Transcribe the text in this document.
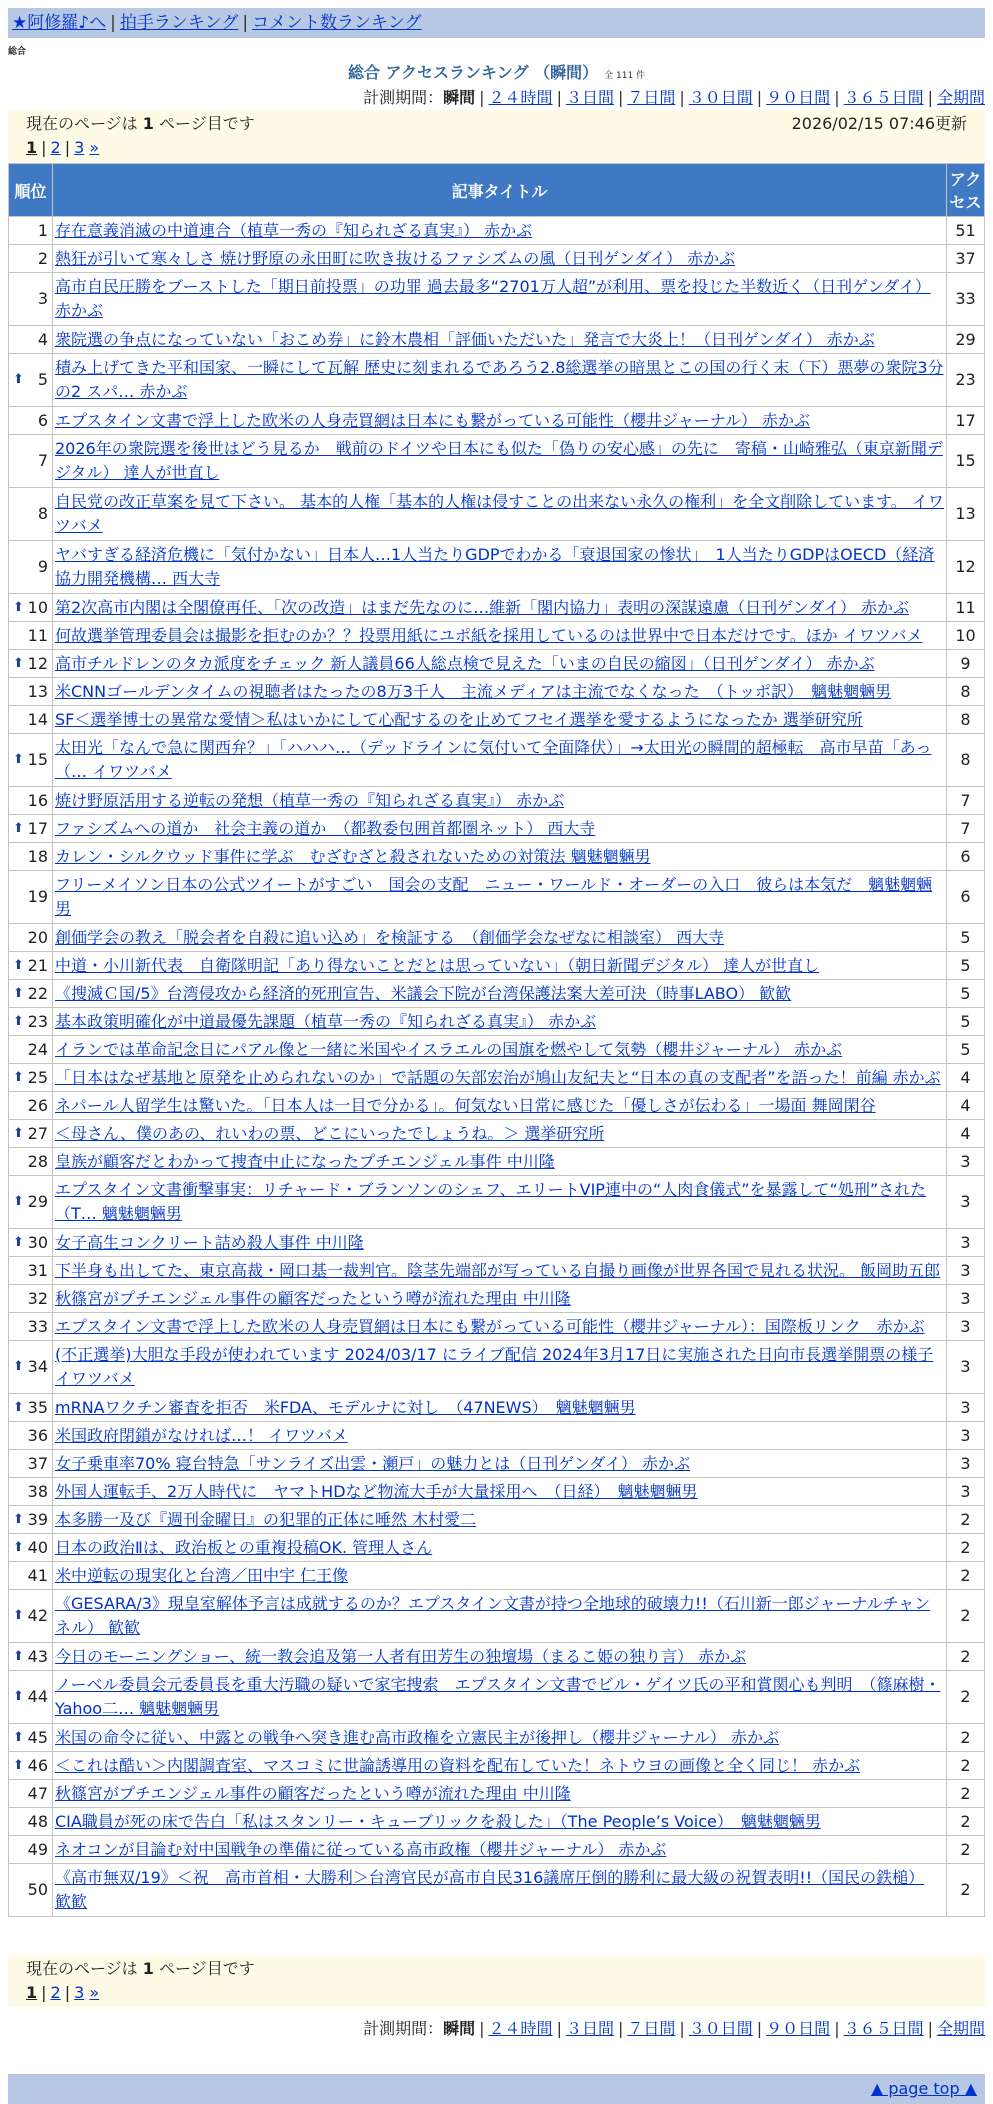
★阿修羅♪へ | 拍手ランキング | コメント数ランキング
総合
総合 アクセスランキング （瞬間） 全 111 件
計測期間：瞬間 | ２４時間 | ３日間 | ７日間 | ３０日間 | ９０日間 | ３６５日間 | 全期間
現在のページは 1 ページ目です	2026/02/15 07:46更新
1 | 2 | 3 »
順位	記事タイトル	アクセス
1	存在意義消滅の中道連合（植草一秀の『知られざる真実』） 赤かぶ	51
2	熱狂が引いて寒々しさ 焼け野原の永田町に吹き抜けるファシズムの風（日刊ゲンダイ） 赤かぶ	37
3	高市自民圧勝をブーストした「期日前投票」の功罪 過去最多“2701万人超”が利用、票を投じた半数近く（日刊ゲンダイ） 赤かぶ	33
4	衆院選の争点になっていない「おこめ券」に鈴木農相「評価いただいた」発言で大炎上！（日刊ゲンダイ） 赤かぶ	29

⬆ 5	積み上げてきた平和国家、一瞬にして瓦解 歴史に刻まれるであろう2.8総選挙の暗黒とこの国の行く末（下）悪夢の衆院3分の2 スパ… 赤かぶ	23
6	エプスタイン文書で浮上した欧米の人身売買網は日本にも繋がっている可能性（櫻井ジャーナル） 赤かぶ	17
7	2026年の衆院選を後世はどう見るか　戦前のドイツや日本にも似た「偽りの安心感」の先に　寄稿・山崎雅弘（東京新聞デジタル） 達人が世直し	15
8	自民党の改正草案を見て下さい。 基本的人権「基本的人権は侵すことの出来ない永久の権利」を全文削除しています。 イワツバメ	13
9	ヤバすぎる経済危機に「気付かない」日本人…1人当たりGDPでわかる「衰退国家の惨状」　1人当たりGDPはOECD（経済協力開発機構… 西大寺	12

⬆ 10	第2次高市内閣は全閣僚再任、「次の改造」はまだ先なのに…維新「閣内協力」表明の深謀遠慮（日刊ゲンダイ） 赤かぶ	11
11	何故選挙管理委員会は撮影を拒むのか？？投票用紙にユポ紙を採用しているのは世界中で日本だけです。ほか イワツバメ	10

⬆ 12	高市チルドレンのタカ派度をチェック 新人議員66人総点検で見えた「いまの自民の縮図」（日刊ゲンダイ） 赤かぶ	9
13	米CNNゴールデンタイムの視聴者はたったの8万3千人　主流メディアは主流でなくなった　（トッポ訳）　魑魅魍魎男	8
14	SF＜選挙博士の異常な愛情＞私はいかにして心配するのを止めてフセイ選挙を愛するようになったか 選挙研究所	8

⬆ 15	太田光「なんで急に関西弁？」「ハハハ…（デッドラインに気付いて全面降伏）」→太田光の瞬間的超極転　高市早苗「あっ（… イワツバメ	8
16	焼け野原活用する逆転の発想（植草一秀の『知られざる真実』） 赤かぶ	7

⬆ 17	ファシズムへの道か　社会主義の道か　（都教委包囲首都圏ネット） 西大寺	7
18	カレン・シルクウッド事件に学ぶ　むざむざと殺されないための対策法 魑魅魍魎男	6
19	フリーメイソン日本の公式ツイートがすごい　国会の支配　ニュー・ワールド・オーダーの入口　彼らは本気だ　魑魅魍魎男	6
20	創価学会の教え「脱会者を自殺に追い込め」を検証する　（創価学会なぜなに相談室） 西大寺	5

⬆ 21	中道・小川新代表　自衛隊明記「あり得ないことだとは思っていない」（朝日新聞デジタル） 達人が世直し	5

⬆ 22	《搜滅Ｃ国/5》台湾侵攻から経済的死刑宣告、米議会下院が台湾保護法案大差可決（時事LABO） 歓歓	5

⬆ 23	基本政策明確化が中道最優先課題（植草一秀の『知られざる真実』） 赤かぶ	5
24	イランでは革命記念日にパアル像と一緒に米国やイスラエルの国旗を燃やして気勢（櫻井ジャーナル） 赤かぶ	5

⬆ 25	「日本はなぜ基地と原発を止められないのか」で話題の矢部宏治が鳩山友紀夫と“日本の真の支配者”を語った！前編 赤かぶ	4
26	ネパール人留学生は驚いた。「日本人は一目で分かる」。何気ない日常に感じた「優しさが伝わる」一場面 舞岡閑谷	4

⬆ 27	＜母さん、僕のあの、れいわの票、どこにいったでしょうね。＞ 選挙研究所	4
28	皇族が顧客だとわかって捜査中止になったプチエンジェル事件 中川隆	3

⬆ 29	エプスタイン文書衝撃事実：リチャード・ブランソンのシェフ、エリートVIP連中の“人肉食儀式”を暴露して“処刑”された（T… 魑魅魍魎男	3

⬆ 30	女子高生コンクリート詰め殺人事件 中川隆	3
31	下半身も出してた、東京高裁・岡口基一裁判官。陰茎先端部が写っている自撮り画像が世界各国で見れる状況。 飯岡助五郎	3
32	秋篠宮がプチエンジェル事件の顧客だったという噂が流れた理由 中川隆	3
33	エプスタイン文書で浮上した欧米の人身売買網は日本にも繋がっている可能性（櫻井ジャーナル）：国際板リンク　赤かぶ	3

⬆ 34	(不正選挙)大胆な手段が使われています 2024/03/17 にライブ配信 2024年3月17日に実施された日向市長選挙開票の様子 イワツバメ	3

⬆ 35	mRNAワクチン審査を拒否　米FDA、モデルナに対し　（47NEWS）　魑魅魍魎男	3
36	米国政府閉鎖がなければ…！ イワツバメ	3
37	女子乗車率70% 寝台特急「サンライズ出雲・瀬戸」の魅力とは（日刊ゲンダイ） 赤かぶ	3
38	外国人運転手、2万人時代に　ヤマトHDなど物流大手が大量採用へ　（日経）　魑魅魍魎男	3

⬆ 39	本多勝一及び『週刊金曜日』の犯罪的正体に唾然 木村愛二	2

⬆ 40	日本の政治Ⅱは、政治板との重複投稿OK. 管理人さん	2
41	米中逆転の現実化と台湾／田中宇 仁王像	2

⬆ 42	《GESARA/3》現皇室解体予言は成就するのか？エプスタイン文書が持つ全地球的破壊力!!（石川新一郎ジャーナルチャンネル） 歓歓	2

⬆ 43	今日のモーニングショー、統一教会追及第一人者有田芳生の独壇場（まるこ姫の独り言） 赤かぶ	2

⬆ 44	ノーベル委員会元委員長を重大汚職の疑いで家宅捜索　エプスタイン文書でビル・ゲイツ氏の平和賞関心も判明　（篠麻樹・Yahoo二… 魑魅魍魎男	2

⬆ 45	米国の命令に従い、中露との戦争へ突き進む高市政権を立憲民主が後押し（櫻井ジャーナル） 赤かぶ	2

⬆ 46	＜これは酷い＞内閣調査室、マスコミに世論誘導用の資料を配布していた！ネトウヨの画像と全く同じ！ 赤かぶ	2
47	秋篠宮がプチエンジェル事件の顧客だったという噂が流れた理由 中川隆	2
48	CIA職員が死の床で告白「私はスタンリー・キューブリックを殺した」（The People’s Voice）　魑魅魍魎男	2
49	ネオコンが目論む対中国戦争の準備に従っている高市政権（櫻井ジャーナル） 赤かぶ	2
50	《高市無双/19》＜祝　高市首相・大勝利＞台湾官民が高市自民316議席圧倒的勝利に最大級の祝賀表明!!（国民の鉄槌） 歓歓	2
現在のページは 1 ページ目です
1 | 2 | 3 »
計測期間：瞬間 | ２４時間 | ３日間 | ７日間 | ３０日間 | ９０日間 | ３６５日間 | 全期間
▲ page top ▲
